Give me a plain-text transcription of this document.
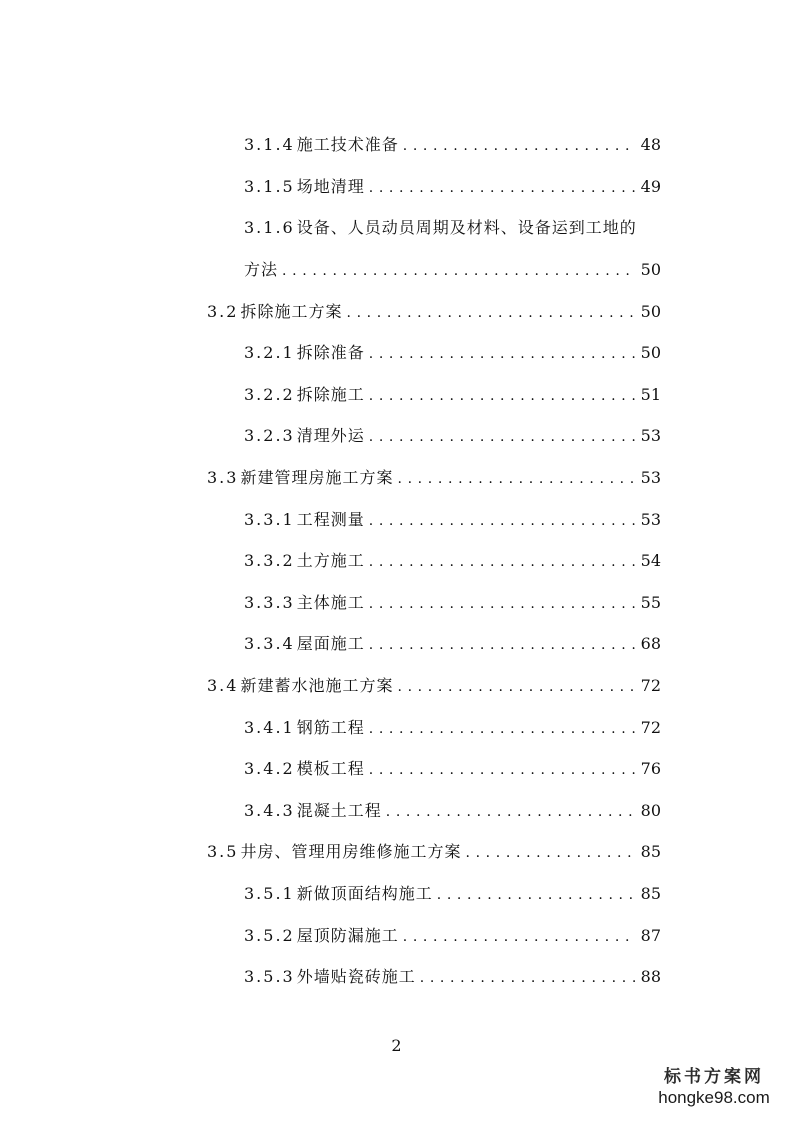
3.1.4 施工技术准备 . . .	48
3.1.5 场地清理 . . .	49
3.1.6 设备、人员动员周期及材料、设备运到工地的
方法 . . .	50
3.2 拆除施工方案 . . .	50
3.2.1 拆除准备 . . .	50
3.2.2 拆除施工 . . .	51
3.2.3 清理外运 . . .	53
3.3 新建管理房施工方案 . . .	53
3.3.1 工程测量 . . .	53
3.3.2 土方施工 . . .	54
3.3.3 主体施工 . . .	55
3.3.4 屋面施工 . . .	68
3.4 新建蓄水池施工方案 . . .	72
3.4.1 钢筋工程 . . .	72
3.4.2 模板工程 . . .	76
3.4.3 混凝土工程 . . .	80
3.5 井房、管理用房维修施工方案 . . .	85
3.5.1 新做顶面结构施工 . . .	85
3.5.2 屋顶防漏施工 . . .	87
3.5.3 外墙贴瓷砖施工 . . .	88
2
标书方案网
hongke98.com
